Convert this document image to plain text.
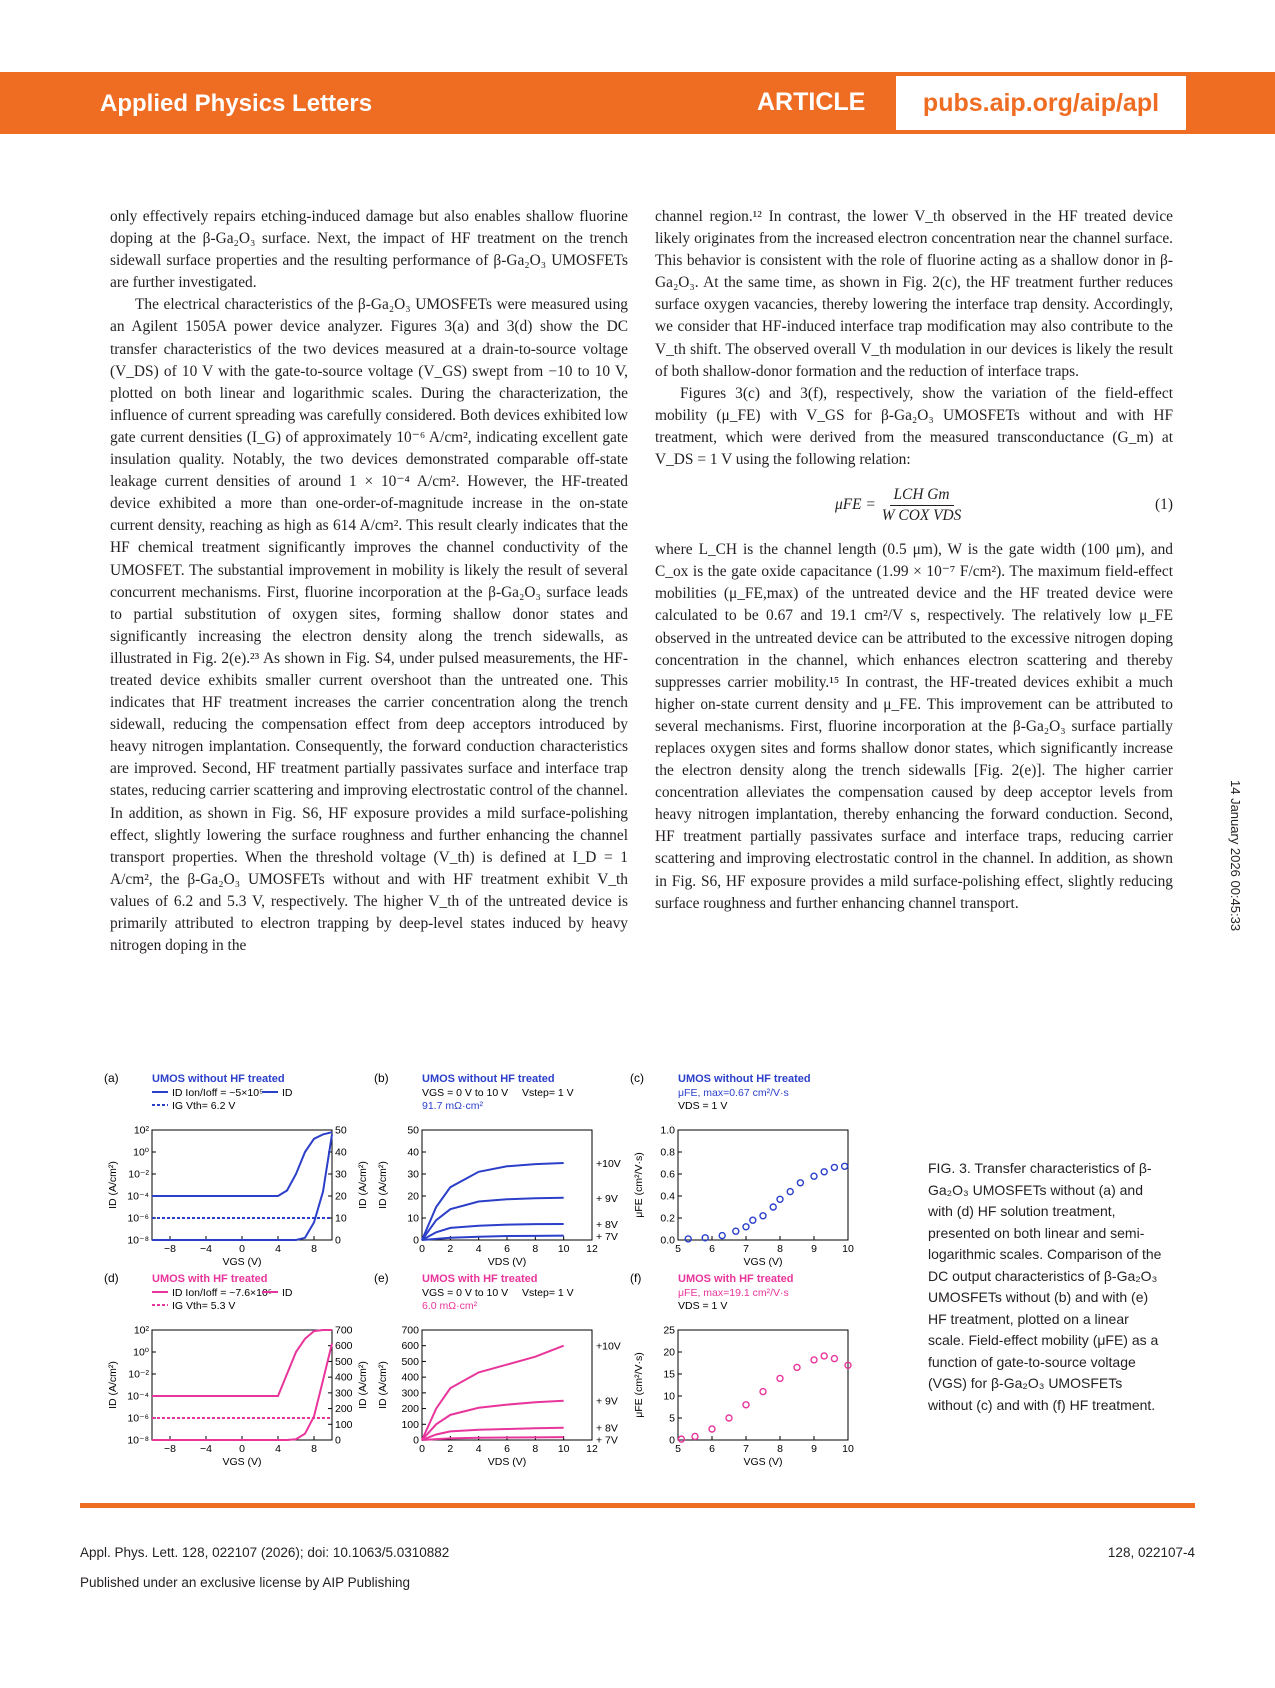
Applied Physics Letters	ARTICLE pubs.aip.org/aip/apl

only effectively repairs etching-induced damage but also enables shallow fluorine doping at the β-Ga₂O₃ surface. Next, the impact of HF treatment on the trench sidewall surface properties and the resulting performance of β-Ga₂O₃ UMOSFETs are further investigated.

The electrical characteristics of the β-Ga₂O₃ UMOSFETs were measured using an Agilent 1505A power device analyzer. Figures 3(a) and 3(d) show the DC transfer characteristics of the two devices measured at a drain-to-source voltage (V_DS) of 10 V with the gate-to-source voltage (V_GS) swept from −10 to 10 V, plotted on both linear and logarithmic scales. During the characterization, the influence of current spreading was carefully considered. Both devices exhibited low gate current densities (I_G) of approximately 10⁻⁶ A/cm², indicating excellent gate insulation quality. Notably, the two devices demonstrated comparable off-state leakage current densities of around 1 × 10⁻⁴ A/cm². However, the HF-treated device exhibited a more than one-order-of-magnitude increase in the on-state current density, reaching as high as 614 A/cm². This result clearly indicates that the HF chemical treatment significantly improves the channel conductivity of the UMOSFET. The substantial improvement in mobility is likely the result of several concurrent mechanisms. First, fluorine incorporation at the β-Ga₂O₃ surface leads to partial substitution of oxygen sites, forming shallow donor states and significantly increasing the electron density along the trench sidewalls, as illustrated in Fig. 2(e).²³ As shown in Fig. S4, under pulsed measurements, the HF-treated device exhibits smaller current overshoot than the untreated one. This indicates that HF treatment increases the carrier concentration along the trench sidewall, reducing the compensation effect from deep acceptors introduced by heavy nitrogen implantation. Consequently, the forward conduction characteristics are improved. Second, HF treatment partially passivates surface and interface trap states, reducing carrier scattering and improving electrostatic control of the channel. In addition, as shown in Fig. S6, HF exposure provides a mild surface-polishing effect, slightly lowering the surface roughness and further enhancing the channel transport properties. When the threshold voltage (V_th) is defined at I_D = 1 A/cm², the β-Ga₂O₃ UMOSFETs without and with HF treatment exhibit V_th values of 6.2 and 5.3 V, respectively. The higher V_th of the untreated device is primarily attributed to electron trapping by deep-level states induced by heavy nitrogen doping in the

channel region.¹² In contrast, the lower V_th observed in the HF treated device likely originates from the increased electron concentration near the channel surface. This behavior is consistent with the role of fluorine acting as a shallow donor in β-Ga₂O₃. At the same time, as shown in Fig. 2(c), the HF treatment further reduces surface oxygen vacancies, thereby lowering the interface trap density. Accordingly, we consider that HF-induced interface trap modification may also contribute to the V_th shift. The observed overall V_th modulation in our devices is likely the result of both shallow-donor formation and the reduction of interface traps.

Figures 3(c) and 3(f), respectively, show the variation of the field-effect mobility (μ_FE) with V_GS for β-Ga₂O₃ UMOSFETs without and with HF treatment, which were derived from the measured transconductance (G_m) at V_DS = 1 V using the following relation:

$\mu FE = \frac{\text{LCH Gm}}{\text{W COX VDS}}$	(1)

where L_CH is the channel length (0.5 μm), W is the gate width (100 μm), and C_ox is the gate oxide capacitance (1.99 × 10⁻⁷ F/cm²). The maximum field-effect mobilities (μ_FE,max) of the untreated device and the HF treated device were calculated to be 0.67 and 19.1 cm²/V s, respectively. The relatively low μ_FE observed in the untreated device can be attributed to the excessive nitrogen doping concentration in the channel, which enhances electron scattering and thereby suppresses carrier mobility.¹⁵ In contrast, the HF-treated devices exhibit a much higher on-state current density and μ_FE. This improvement can be attributed to several mechanisms. First, fluorine incorporation at the β-Ga₂O₃ surface partially replaces oxygen sites and forms shallow donor states, which significantly increase the electron density along the trench sidewalls [Fig. 2(e)]. The higher carrier concentration alleviates the compensation caused by deep acceptor levels from heavy nitrogen implantation, thereby enhancing the forward conduction. Second, HF treatment partially passivates surface and interface traps, reducing carrier scattering and improving electrostatic control in the channel. In addition, as shown in Fig. S6, HF exposure provides a mild surface-polishing effect, slightly reducing surface roughness and further enhancing channel transport.	14 January 2026 00:45:33
(a)	UMOS without HF treated
ID Ion/Ioff = ~5×10⁵
IG Vth= 6.2 V
ID
−8 −4	0	4	8
VGS (V)
10²
10⁰
10⁻²
10⁻⁴
10⁻⁶
10⁻⁸
ID (A/cm²)
50
40
30
20
10
0
ID (A/cm²)
(b)	UMOS without HF treated
VGS = 0 V to 10 V Vstep= 1 V
91.7 mΩ·cm²
0 2 4 6 8 10 12
VDS (V)
50
40
30
20
10
0
ID (A/cm²)	+10V
+ 9V
+ 8V
+ 7V
(c)	UMOS without HF treated
μFE, max=0.67 cm²/V·s
VDS = 1 V
5	6	7	8	9 10
VGS (V)
1.0
0.8
0.6
0.4
0.2
0.0
μFE (cm²/V·s)
(d)	UMOS with HF treated
ID Ion/Ioff = ~7.6×10⁵
IG Vth= 5.3 V
ID
−8 −4	0	4	8
VGS (V)
10²
10⁰
10⁻²
10⁻⁴
10⁻⁶
10⁻⁸
ID (A/cm²)
700
600
500
400
300
200
100
0
ID (A/cm²)
(e)	UMOS with HF treated
VGS = 0 V to 10 V Vstep= 1 V
6.0 mΩ·cm²
0 2 4 6 8 10 12
VDS (V)
700
600
500
400
300
200
100
0
ID (A/cm²)
+10V
+ 9V
+ 8V
+ 7V
(f)	UMOS with HF treated
μFE, max=19.1 cm²/V·s
VDS = 1 V
5	6	7	8	9 10
VGS (V)
25
20
15
10
5
0
μFE (cm²/V·s)
FIG. 3. Transfer characteristics of β-Ga₂O₃ UMOSFETs without (a) and with (d) HF solution treatment, presented on both linear and semi-logarithmic scales. Comparison of the DC output characteristics of β-Ga₂O₃ UMOSFETs without (b) and with (e) HF treatment, plotted on a linear scale. Field-effect mobility (μFE) as a function of gate-to-source voltage (VGS) for β-Ga₂O₃ UMOSFETs without (c) and with (f) HF treatment.
Appl. Phys. Lett. 128, 022107 (2026); doi: 10.1063/5.0310882	128, 022107-4
Published under an exclusive license by AIP Publishing
